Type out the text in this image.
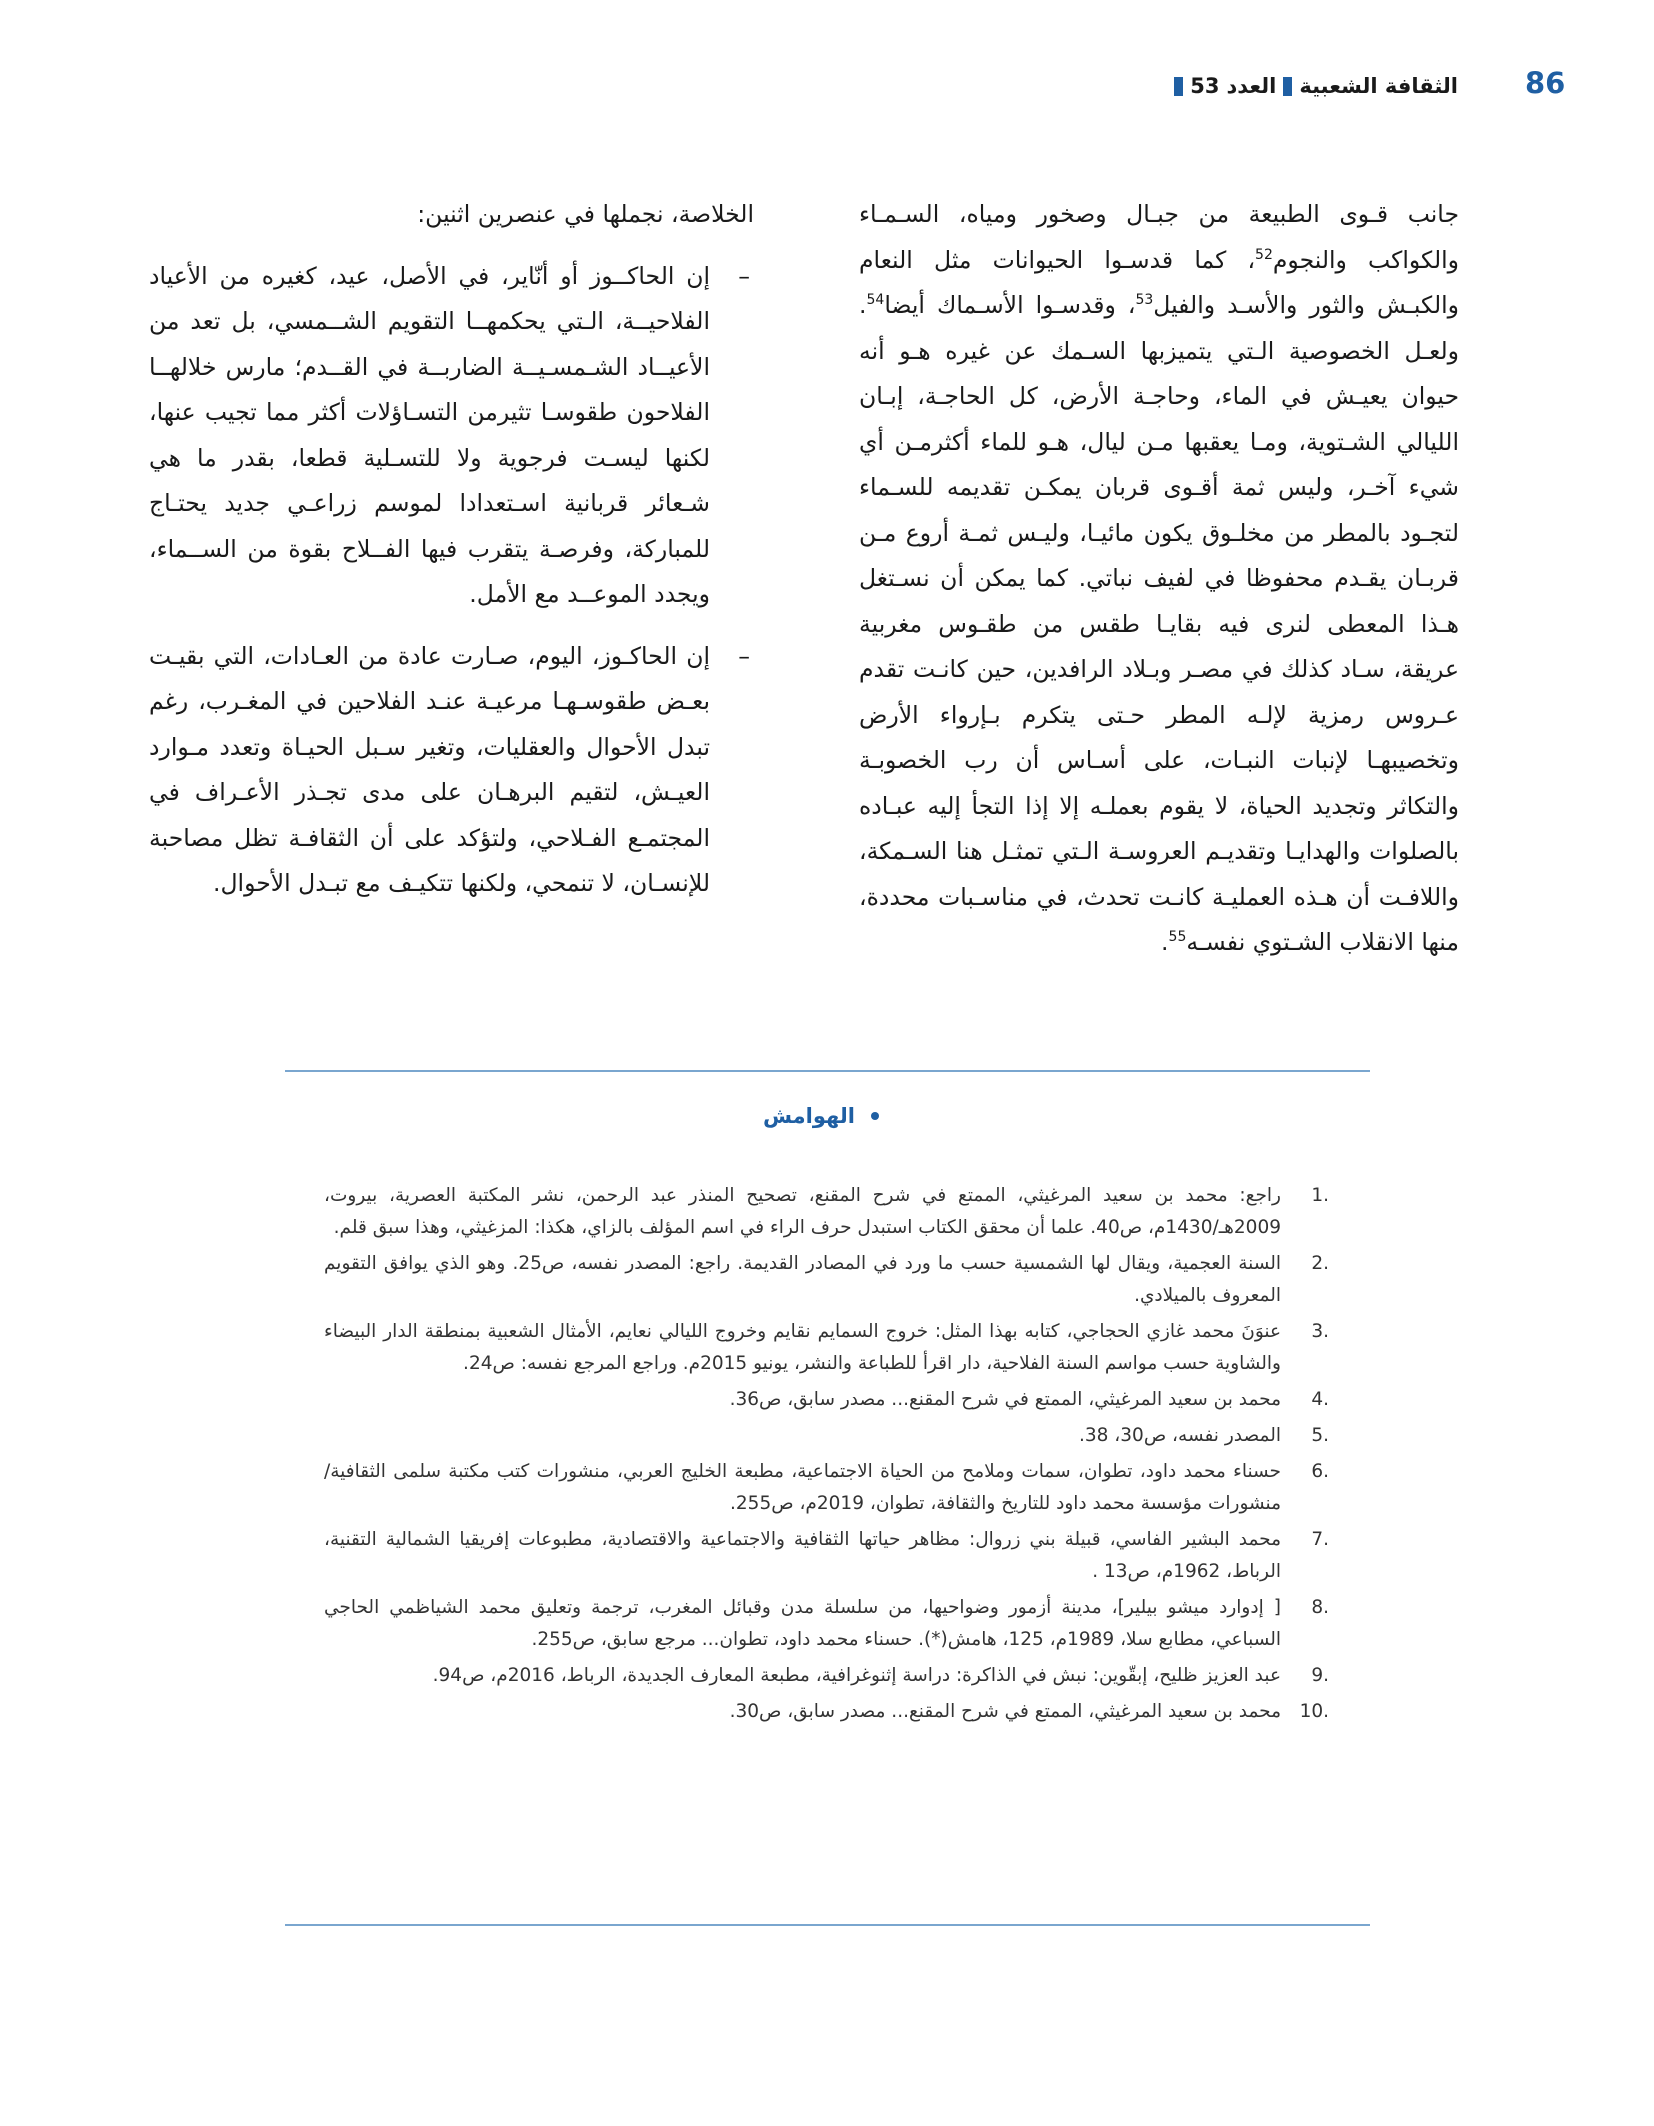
86
الثقافة الشعبية
العدد
53

جانب قـوى الطبيعة من جبـال وصخور ومياه، السـمـاء والكواكب والنجوم$^{52}$، كما قدسـوا الحيوانات مثل النعام والكبـش والثور والأسـد والفيل$^{53}$، وقدسـوا الأسـماك أيضا$^{54}$. ولعـل الخصوصية الـتي يتميزبها السـمك عن غيره هـو أنه حيوان يعيـش في الماء، وحاجـة الأرض، كل الحاجـة، إبـان الليالي الشـتوية، ومـا يعقبها مـن ليال، هـو للماء أكثرمـن أي شيء آخـر، وليس ثمة أقـوى قربان يمكـن تقديمه للسـماء لتجـود بالمطر من مخلـوق يكون مائيـا، وليـس ثمـة أروع مـن قربـان يقـدم محفوظا في لفيف نباتي. كما يمكن أن نسـتغل هـذا المعطى لنرى فيه بقايـا طقس من طقـوس مغربية عريقة، سـاد كذلك في مصـر وبـلاد الرافدين، حين كانـت تقدم عـروس رمزية لإلـه المطر حـتى يتكرم بـإرواء الأرض وتخصيبهـا لإنبات النبـات، على أسـاس أن رب الخصوبـة والتكاثر وتجديد الحياة، لا يقوم بعملـه إلا إذا التجأ إليه عبـاده بالصلوات والهدايـا وتقديـم العروسـة الـتي تمثـل هنا السـمكة، واللافـت أن هـذه العمليـة كانـت تحدث، في مناسـبات محددة، منها الانقلاب الشـتوي نفسـه$^{55}$.

الخلاصة، نجملها في عنصرين اثنين:

–
إن الحاكــوز أو أنّاير، في الأصل، عيد، كغيره من الأعياد الفلاحيــة، الـتي يحكمهــا التقويم الشــمسي، بل تعد من الأعيــاد الشـمسـيــة الضاربــة في القــدم؛ مارس خلالهــا الفلاحون طقوسـا تثيرمن التسـاؤلات أكثر مما تجيب عنها، لكنها ليسـت فرجوية ولا للتسـلية قطعا، بقدر ما هي شـعائر قربانية اسـتعدادا لموسم زراعـي جديد يحتـاج للمباركة، وفرصـة يتقرب فيها الفــلاح بقوة من الســماء، ويجدد الموعــد مع الأمل.

–
إن الحاكـوز، اليوم، صـارت عادة من العـادات، التي بقيـت بعـض طقوسـهـا مرعيـة عنـد الفلاحين في المغـرب، رغم تبدل الأحوال والعقليات، وتغير سـبل الحيـاة وتعدد مـوارد العيـش، لتقيم البرهـان على مدى تجـذر الأعـراف في المجتمـع الفـلاحي، ولتؤكد على أن الثقافـة تظل مصاحبة للإنسـان، لا تنمحي، ولكنها تتكيـف مع تبـدل الأحوال.

الهوامش
1.
راجع: محمد بن سعيد المرغيثي، الممتع في شرح المقنع، تصحيح المنذر عبد الرحمن، نشر المكتبة العصرية، بيروت، 2009هـ/1430م، ص40. علما أن محقق الكتاب استبدل حرف الراء في اسم المؤلف بالزاي، هكذا: المزغيثي، وهذا سبق قلم.
2.
السنة العجمية، ويقال لها الشمسية حسب ما ورد في المصادر القديمة. راجع: المصدر نفسه، ص25. وهو الذي يوافق التقويم المعروف بالميلادي.
3.
عنوَنَ محمد غازي الحجاجي، كتابه بهذا المثل: خروج السمايم نقايم وخروج الليالي نعايم، الأمثال الشعبية بمنطقة الدار البيضاء والشاوية حسب مواسم السنة الفلاحية، دار اقرأ للطباعة والنشر، يونيو 2015م. وراجع المرجع نفسه: ص24.
4.
محمد بن سعيد المرغيثي، الممتع في شرح المقنع... مصدر سابق، ص36.
5.
المصدر نفسه، ص30، 38.
6.
حسناء محمد داود، تطوان، سمات وملامح من الحياة الاجتماعية، مطبعة الخليج العربي، منشورات كتب مكتبة سلمى الثقافية/ منشورات مؤسسة محمد داود للتاريخ والثقافة، تطوان، 2019م، ص255.
7.
محمد البشير الفاسي، قبيلة بني زروال: مظاهر حياتها الثقافية والاجتماعية والاقتصادية، مطبوعات إفريقيا الشمالية التقنية، الرباط، 1962م، ص13 .
8.
[ إدوارد ميشو بيلير]، مدينة أزمور وضواحيها، من سلسلة مدن وقبائل المغرب، ترجمة وتعليق محمد الشياظمي الحاجي السباعي، مطابع سلا، 1989م، 125، هامش(*). حسناء محمد داود، تطوان... مرجع سابق، ص255.
9.
عبد العزيز ظليح، إبقّوين: نبش في الذاكرة: دراسة إثنوغرافية، مطبعة المعارف الجديدة، الرباط، 2016م، ص94.
10.
محمد بن سعيد المرغيثي، الممتع في شرح المقنع... مصدر سابق، ص30.
